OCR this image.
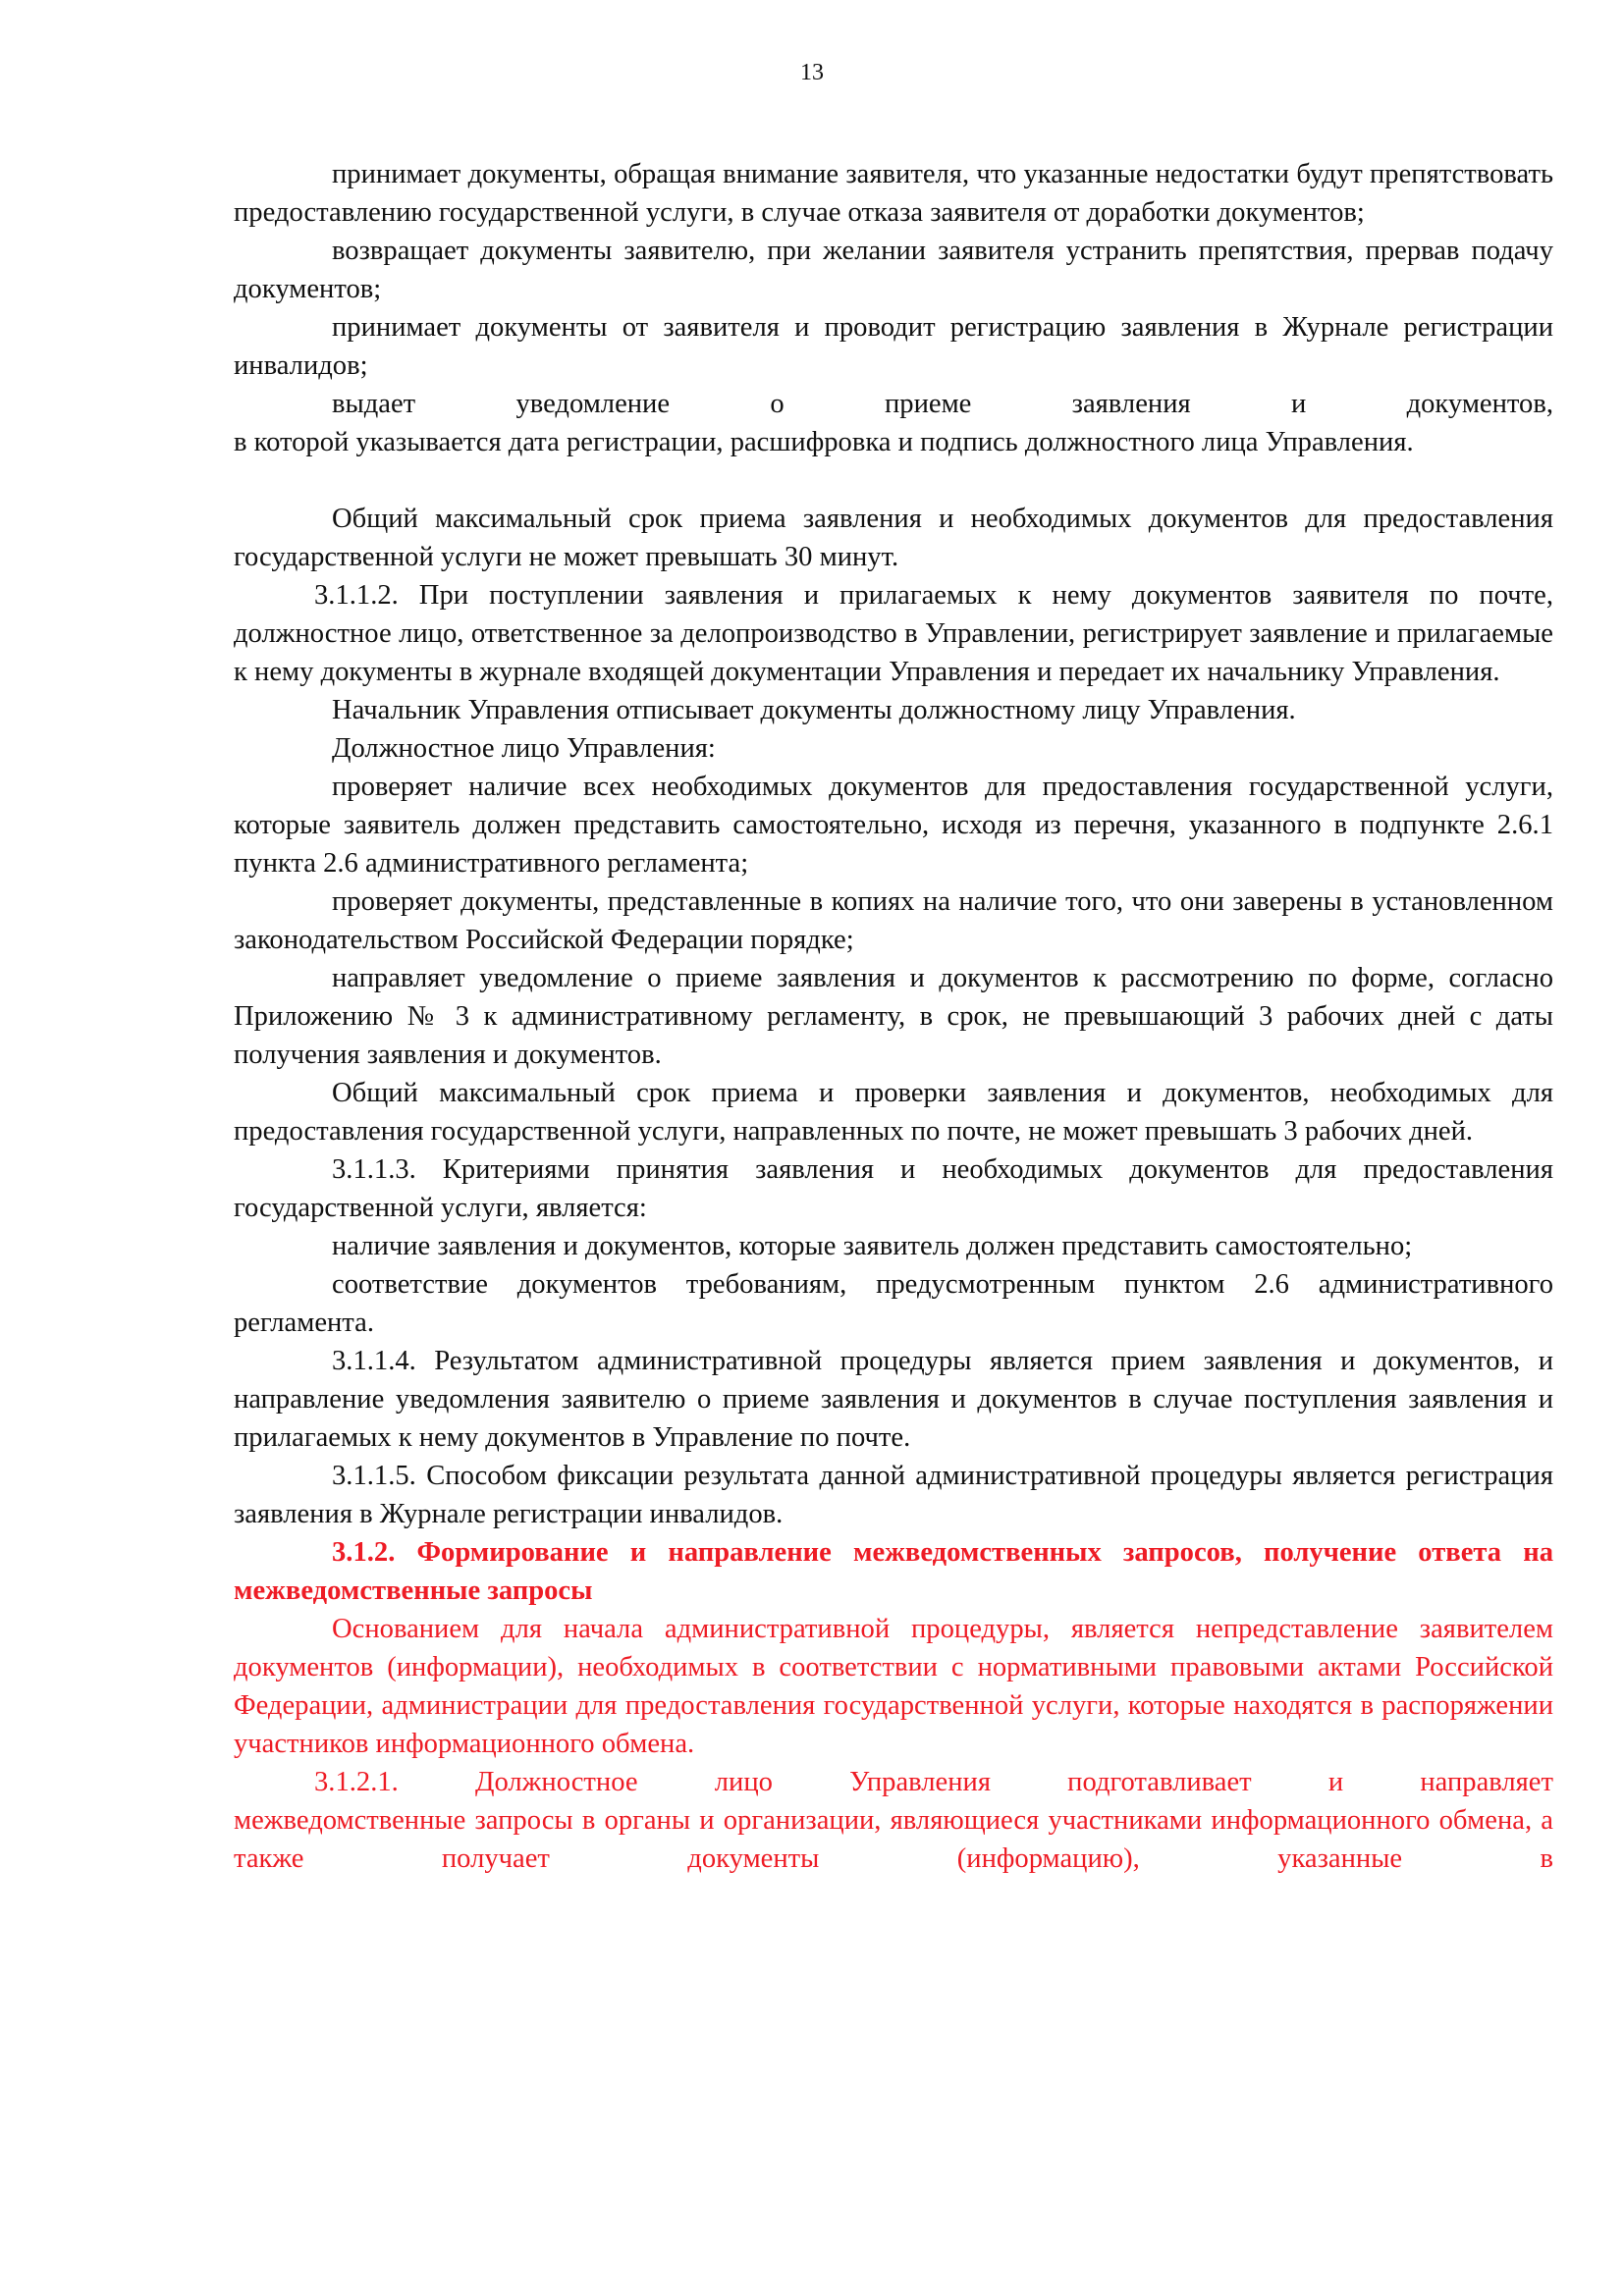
13

принимает документы, обращая внимание заявителя, что указанные недостатки будут препятствовать предоставлению государственной услуги, в случае отказа заявителя от доработки документов;

возвращает документы заявителю, при желании заявителя устранить препятствия, прервав подачу документов;

принимает документы от заявителя и проводит регистрацию заявления в Журнале регистрации инвалидов;

выдает уведомление о приеме заявления и документов,

в которой указывается дата регистрации, расшифровка и подпись должностного лица Управления.

Общий максимальный срок приема заявления и необходимых документов для предоставления государственной услуги не может превышать 30 минут.

3.1.1.2. При поступлении заявления и прилагаемых к нему документов заявителя по почте, должностное лицо, ответственное за делопроизводство в Управлении, регистрирует заявление и прилагаемые к нему документы в журнале входящей документации Управления и передает их начальнику Управления.

Начальник Управления отписывает документы должностному лицу Управления.

Должностное лицо Управления:

проверяет наличие всех необходимых документов для предоставления государственной услуги, которые заявитель должен представить самостоятельно, исходя из перечня, указанного в подпункте 2.6.1 пункта 2.6 административного регламента;

проверяет документы, представленные в копиях на наличие того, что они заверены в установленном законодательством Российской Федерации порядке;

направляет уведомление о приеме заявления и документов к рассмотрению по форме, согласно Приложению № 3 к административному регламенту, в срок, не превышающий 3 рабочих дней с даты получения заявления и документов.

Общий максимальный срок приема и проверки заявления и документов, необходимых для предоставления государственной услуги, направленных по почте, не может превышать 3 рабочих дней.

3.1.1.3. Критериями принятия заявления и необходимых документов для предоставления государственной услуги, является:

наличие заявления и документов, которые заявитель должен представить самостоятельно;

соответствие документов требованиям, предусмотренным пунктом 2.6 административного регламента.

3.1.1.4. Результатом административной процедуры является прием заявления и документов, и направление уведомления заявителю о приеме заявления и документов в случае поступления заявления и прилагаемых к нему документов в Управление по почте.

3.1.1.5. Способом фиксации результата данной административной процедуры является регистрация заявления в Журнале регистрации инвалидов.

3.1.2. Формирование и направление межведомственных запросов, получение ответа на межведомственные запросы

Основанием для начала административной процедуры, является непредставление заявителем документов (информации), необходимых в соответствии с нормативными правовыми актами Российской Федерации, администрации для предоставления государственной услуги, которые находятся в распоряжении участников информационного обмена.

3.1.2.1. Должностное лицо Управления подготавливает и направляет

межведомственные запросы в органы и организации, являющиеся участниками информационного обмена, а также получает документы (информацию), указанные в
